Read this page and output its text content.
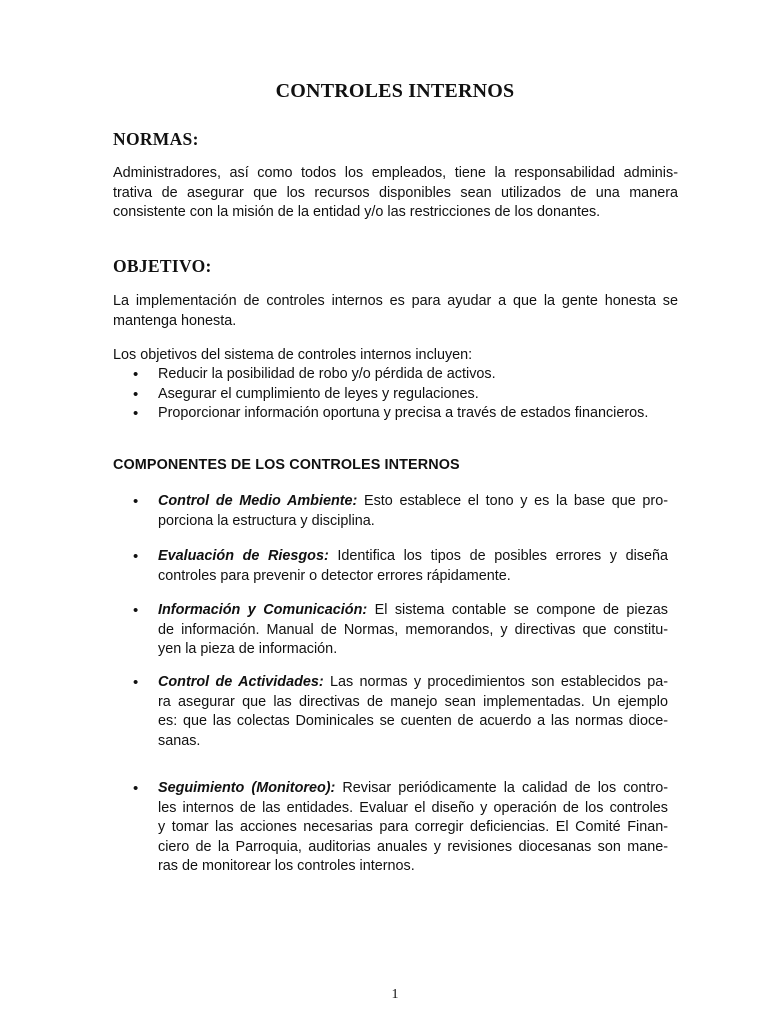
CONTROLES INTERNOS
NORMAS:
Administradores, así como todos los empleados, tiene la responsabilidad adminis-
trativa de asegurar que los recursos disponibles sean utilizados de una manera
consistente con la misión de la entidad y/o las restricciones de los donantes.
OBJETIVO:
La implementación de controles internos es para ayudar a que la gente honesta se
mantenga honesta.
Los objetivos del sistema de controles internos incluyen:
• Reducir la posibilidad de robo y/o pérdida de activos.
• Asegurar el cumplimiento de leyes y regulaciones.
• Proporcionar información oportuna y precisa a través de estados financieros.
COMPONENTES DE LOS CONTROLES INTERNOS
• Control de Medio Ambiente: Esto establece el tono y es la base que pro-
porciona la estructura y disciplina.
• Evaluación de Riesgos: Identifica los tipos de posibles errores y diseña
controles para prevenir o detector errores rápidamente.
• Información y Comunicación: El sistema contable se compone de piezas
de información. Manual de Normas, memorandos, y directivas que constitu-
yen la pieza de información.
• Control de Actividades: Las normas y procedimientos son establecidos pa-
ra asegurar que las directivas de manejo sean implementadas. Un ejemplo
es: que las colectas Dominicales se cuenten de acuerdo a las normas dioce-
sanas.
• Seguimiento (Monitoreo): Revisar periódicamente la calidad de los contro-
les internos de las entidades. Evaluar el diseño y operación de los controles
y tomar las acciones necesarias para corregir deficiencias. El Comité Finan-
ciero de la Parroquia, auditorias anuales y revisiones diocesanas son mane-
ras de monitorear los controles internos.
1
